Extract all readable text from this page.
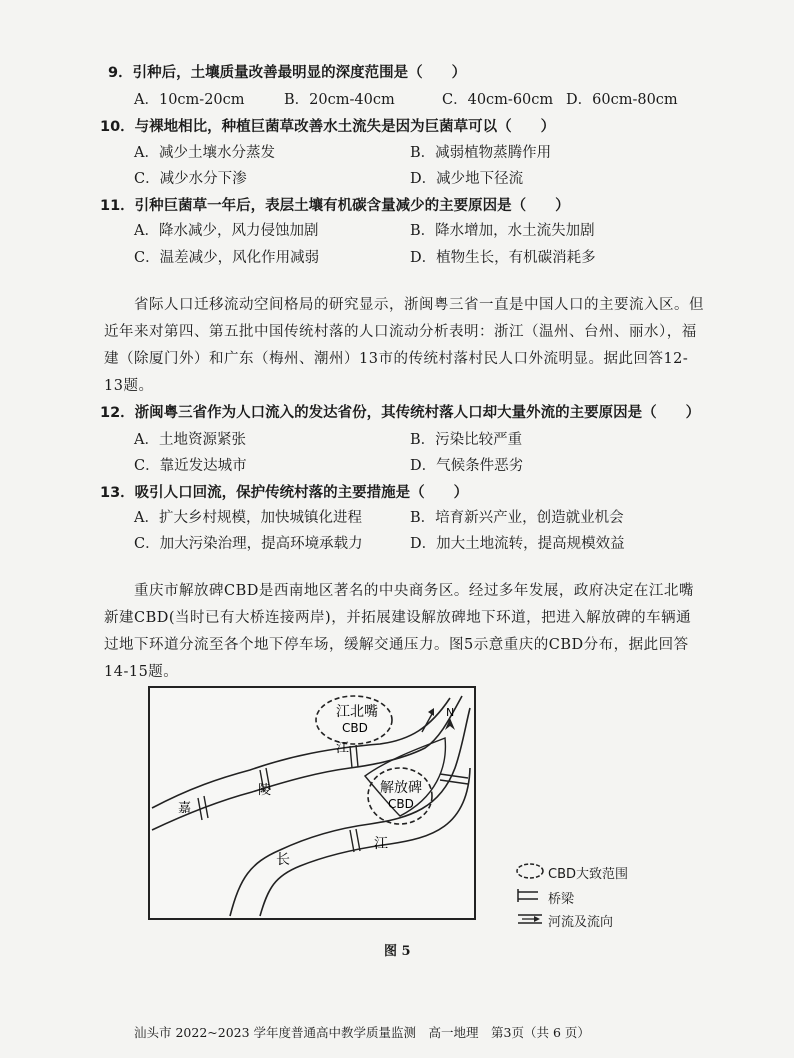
9．引种后，土壤质量改善最明显的深度范围是（　　）
A．10cm-20cm	B．20cm-40cm	C．40cm-60cm D．60cm-80cm
10．与裸地相比，种植巨菌草改善水土流失是因为巨菌草可以（　　）
A．减少土壤水分蒸发	B．减弱植物蒸腾作用
C．减少水分下渗	D．减少地下径流
11．引种巨菌草一年后，表层土壤有机碳含量减少的主要原因是（　　）
A．降水减少，风力侵蚀加剧	B．降水增加，水土流失加剧
C．温差减少，风化作用减弱	D．植物生长，有机碳消耗多
省际人口迁移流动空间格局的研究显示，浙闽粤三省一直是中国人口的主要流入区。但近年来对第四、第五批中国传统村落的人口流动分析表明：浙江（温州、台州、丽水），福建（除厦门外）和广东（梅州、潮州）13市的传统村落村民人口外流明显。据此回答12-13题。
12．浙闽粤三省作为人口流入的发达省份，其传统村落人口却大量外流的主要原因是（　　）
A．土地资源紧张	B．污染比较严重
C．靠近发达城市	D．气候条件恶劣
13．吸引人口回流，保护传统村落的主要措施是（　　）
A．扩大乡村规模，加快城镇化进程	B．培育新兴产业，创造就业机会
C．加大污染治理，提高环境承载力	D．加大土地流转，提高规模效益
重庆市解放碑CBD是西南地区著名的中央商务区。经过多年发展，政府决定在江北嘴新建CBD(当时已有大桥连接两岸)，并拓展建设解放碑地下环道，把进入解放碑的车辆通过地下环道分流至各个地下停车场，缓解交通压力。图5示意重庆的CBD分布，据此回答14-15题。
N
江北嘴
CBD
解放碑
CBD
嘉
陵
江
长
江
CBD大致范围
桥梁
河流及流向
图 5
汕头市 2022~2023 学年度普通高中教学质量监测　高一地理　第3页（共 6 页）
